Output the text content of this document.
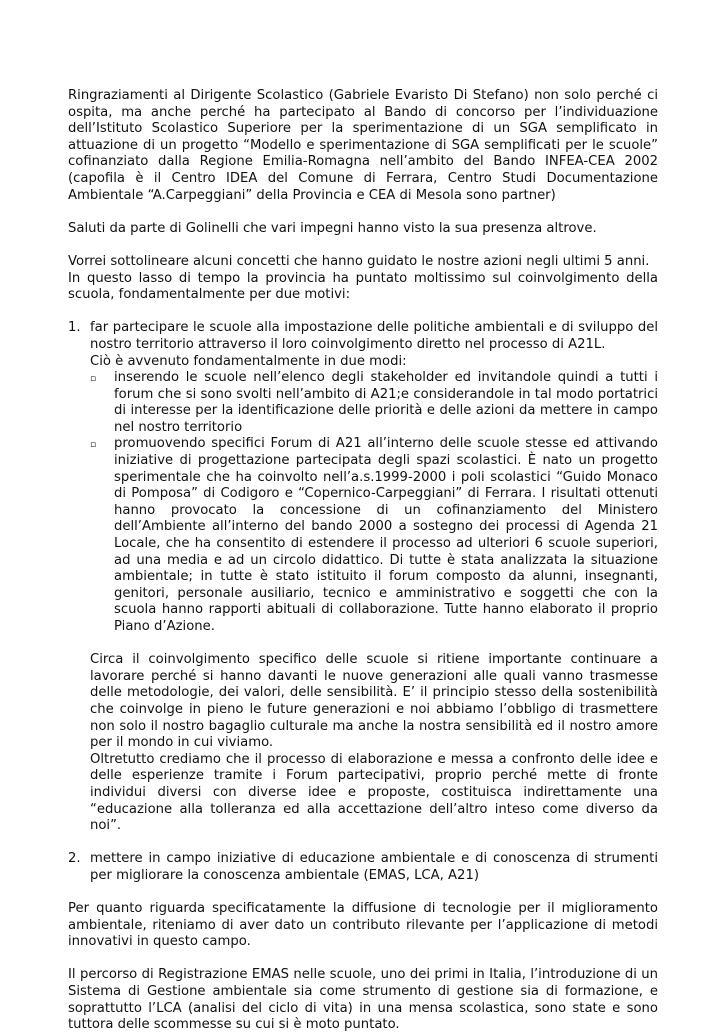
Ringraziamenti al Dirigente Scolastico (Gabriele Evaristo Di Stefano) non solo perché ci ospita, ma anche perché ha partecipato al Bando di concorso per l’individuazione dell’Istituto Scolastico Superiore per la sperimentazione di un SGA semplificato in attuazione di un progetto “Modello e sperimentazione di SGA semplificati per le scuole” cofinanziato dalla Regione Emilia-Romagna nell’ambito del Bando INFEA-CEA 2002 (capofila è il Centro IDEA del Comune di Ferrara, Centro Studi Documentazione Ambientale “A.Carpeggiani” della Provincia e CEA di Mesola sono partner)

Saluti da parte di Golinelli che vari impegni hanno visto la sua presenza altrove.

Vorrei sottolineare alcuni concetti che hanno guidato le nostre azioni negli ultimi 5 anni.

In questo lasso di tempo la provincia ha puntato moltissimo sul coinvolgimento della scuola, fondamentalmente per due motivi:

1. far partecipare le scuole alla impostazione delle politiche ambientali e di sviluppo del nostro territorio attraverso il loro coinvolgimento diretto nel processo di A21L.

Ciò è avvenuto fondamentalmente in due modi:

▫	inserendo le scuole nell’elenco degli stakeholder ed invitandole quindi a tutti i forum che si sono svolti nell’ambito di A21;e considerandole in tal modo portatrici di interesse per la identificazione delle priorità e delle azioni da mettere in campo nel nostro territorio

▫	promuovendo specifici Forum di A21 all’interno delle scuole stesse ed attivando iniziative di progettazione partecipata degli spazi scolastici. È nato un progetto sperimentale che ha coinvolto nell’a.s.1999-2000 i poli scolastici “Guido Monaco di Pomposa” di Codigoro e “Copernico-Carpeggiani” di Ferrara. I risultati ottenuti hanno provocato la concessione di un cofinanziamento del Ministero dell’Ambiente all’interno del bando 2000 a sostegno dei processi di Agenda 21 Locale, che ha consentito di estendere il processo ad ulteriori 6 scuole superiori, ad una media e ad un circolo didattico. Di tutte è stata analizzata la situazione ambientale; in tutte è stato istituito il forum composto da alunni, insegnanti, genitori, personale ausiliario, tecnico e amministrativo e soggetti che con la scuola hanno rapporti abituali di collaborazione. Tutte hanno elaborato il proprio Piano d’Azione.

Circa il coinvolgimento specifico delle scuole si ritiene importante continuare a lavorare perché si hanno davanti le nuove generazioni alle quali vanno trasmesse delle metodologie, dei valori, delle sensibilità. E’ il principio stesso della sostenibilità che coinvolge in pieno le future generazioni e noi abbiamo l’obbligo di trasmettere non solo il nostro bagaglio culturale ma anche la nostra sensibilità ed il nostro amore per il mondo in cui viviamo.

Oltretutto crediamo che il processo di elaborazione e messa a confronto delle idee e delle esperienze tramite i Forum partecipativi, proprio perché mette di fronte individui diversi con diverse idee e proposte, costituisca indirettamente una “educazione alla tolleranza ed alla accettazione dell’altro inteso come diverso da noi”.

2. mettere in campo iniziative di educazione ambientale e di conoscenza di strumenti per migliorare la conoscenza ambientale (EMAS, LCA, A21)

Per quanto riguarda specificatamente la diffusione di tecnologie per il miglioramento ambientale, riteniamo di aver dato un contributo rilevante per l’applicazione di metodi innovativi in questo campo.

Il percorso di Registrazione EMAS nelle scuole, uno dei primi in Italia, l’introduzione di un Sistema di Gestione ambientale sia come strumento di gestione sia di formazione, e soprattutto l’LCA (analisi del ciclo di vita) in una mensa scolastica, sono state e sono tuttora delle scommesse su cui si è moto puntato.
